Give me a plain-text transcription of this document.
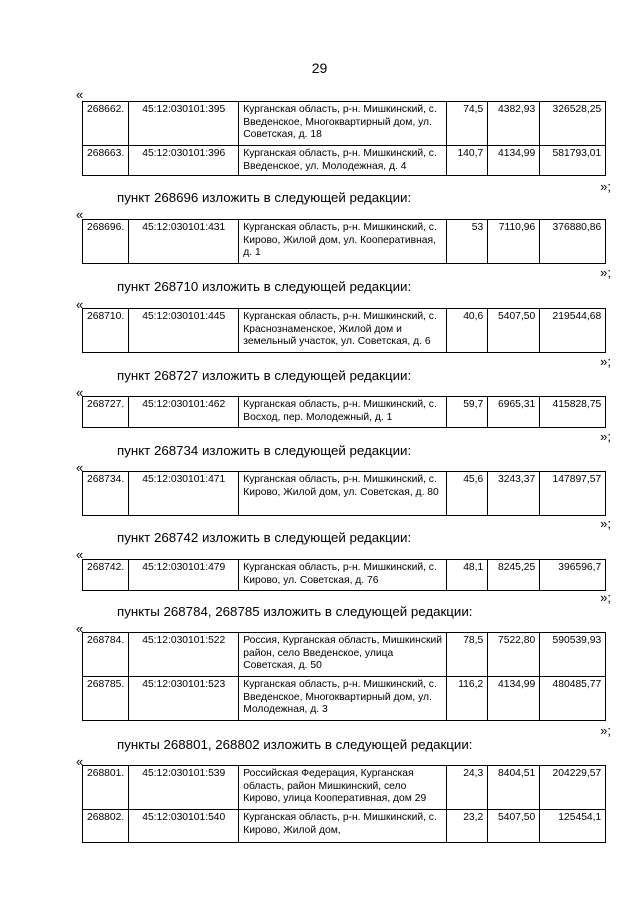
29
«
268662.	45:12:030101:395	Курганская область, р-н. Мишкинский, с. Введенское, Многоквартирный дом, ул. Советская, д. 18	74,5	4382,93	326528,25
268663.	45:12:030101:396	Курганская область, р-н. Мишкинский, с. Введенское, ул. Молодежная, д. 4	140,7	4134,99	581793,01
»;
пункт 268696 изложить в следующей редакции:
«
268696.	45:12:030101:431	Курганская область, р-н. Мишкинский, с. Кирово, Жилой дом, ул. Кооперативная, д. 1	53	7110,96	376880,86
»;
пункт 268710 изложить в следующей редакции:
«
268710.	45:12:030101:445	Курганская область, р-н. Мишкинский, с. Краснознаменское, Жилой дом и земельный участок, ул. Советская, д. 6	40,6	5407,50	219544,68
»;
пункт 268727 изложить в следующей редакции:
«
268727.	45:12:030101:462	Курганская область, р-н. Мишкинский, с. Восход, пер. Молодежный, д. 1	59,7	6965,31	415828,75
»;
пункт 268734 изложить в следующей редакции:
«
268734.	45:12:030101:471	Курганская область, р-н. Мишкинский, с. Кирово, Жилой дом, ул. Советская, д. 80	45,6	3243,37	147897,57
»;
пункт 268742 изложить в следующей редакции:
«
268742.	45:12:030101:479	Курганская область, р-н. Мишкинский, с. Кирово, ул. Советская, д. 76	48,1	8245,25	396596,7
»;
пункты 268784, 268785 изложить в следующей редакции:
«
268784.	45:12:030101:522	Россия, Курганская область, Мишкинский район, село Введенское, улица Советская, д. 50	78,5	7522,80	590539,93
268785.	45:12:030101:523	Курганская область, р-н. Мишкинский, с. Введенское, Многоквартирный дом, ул. Молодежная, д. 3	116,2	4134,99	480485,77
»;
пункты 268801, 268802 изложить в следующей редакции:
«
268801.	45:12:030101:539	Российская Федерация, Курганская область, район Мишкинский, село Кирово, улица Кооперативная, дом 29	24,3	8404,51	204229,57
268802.	45:12:030101:540	Курганская область, р-н. Мишкинский, с. Кирово, Жилой дом,	23,2	5407,50	125454,1
